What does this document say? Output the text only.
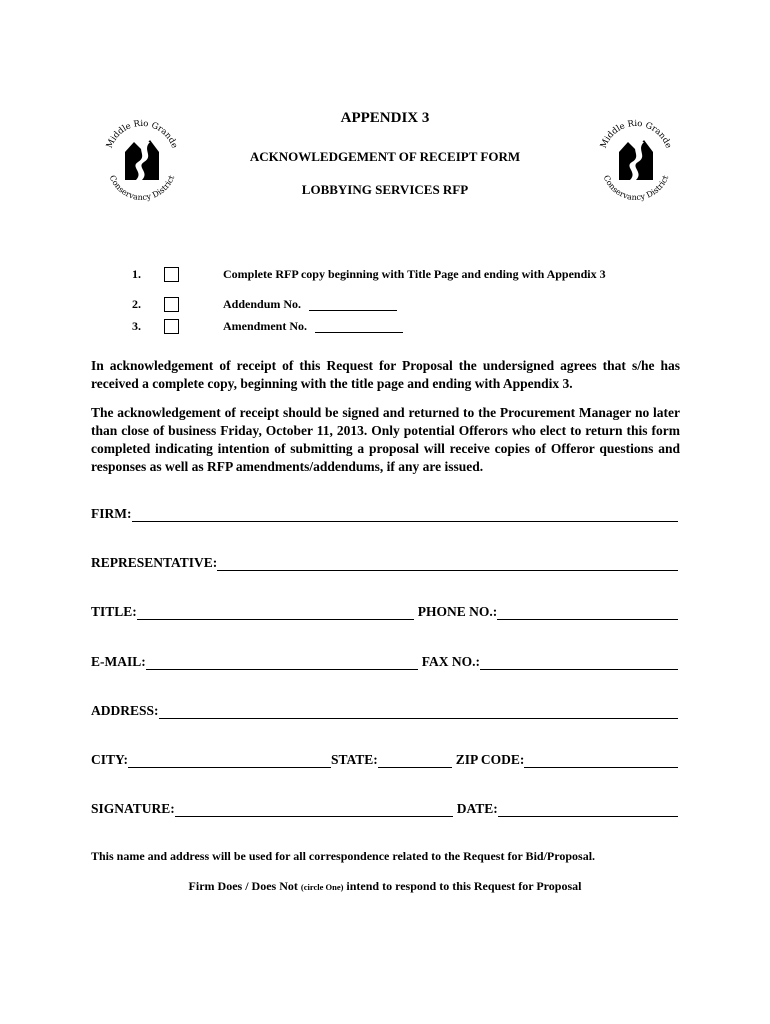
Middle Rio Grande
Conservancy District
Middle Rio Grande
Conservancy District
APPENDIX 3
ACKNOWLEDGEMENT OF RECEIPT FORM
LOBBYING SERVICES RFP
1.	Complete RFP copy beginning with Title Page and ending with Appendix 3
2.	Addendum No.
3.	Amendment No.
In acknowledgement of receipt of this Request for Proposal the undersigned agrees that s/he has received a complete copy, beginning with the title page and ending with Appendix 3.
The acknowledgement of receipt should be signed and returned to the Procurement Manager no later than close of business Friday, October 11, 2013. Only potential Offerors who elect to return this form completed indicating intention of submitting a proposal will receive copies of Offeror questions and responses as well as RFP amendments/addendums, if any are issued.
FIRM:
REPRESENTATIVE:
TITLE:	PHONE NO.:
E-MAIL:	FAX NO.:
ADDRESS:
CITY:	STATE:	ZIP CODE:
SIGNATURE:	DATE:
This name and address will be used for all correspondence related to the Request for Bid/Proposal.
Firm Does / Does Not (circle One) intend to respond to this Request for Proposal
